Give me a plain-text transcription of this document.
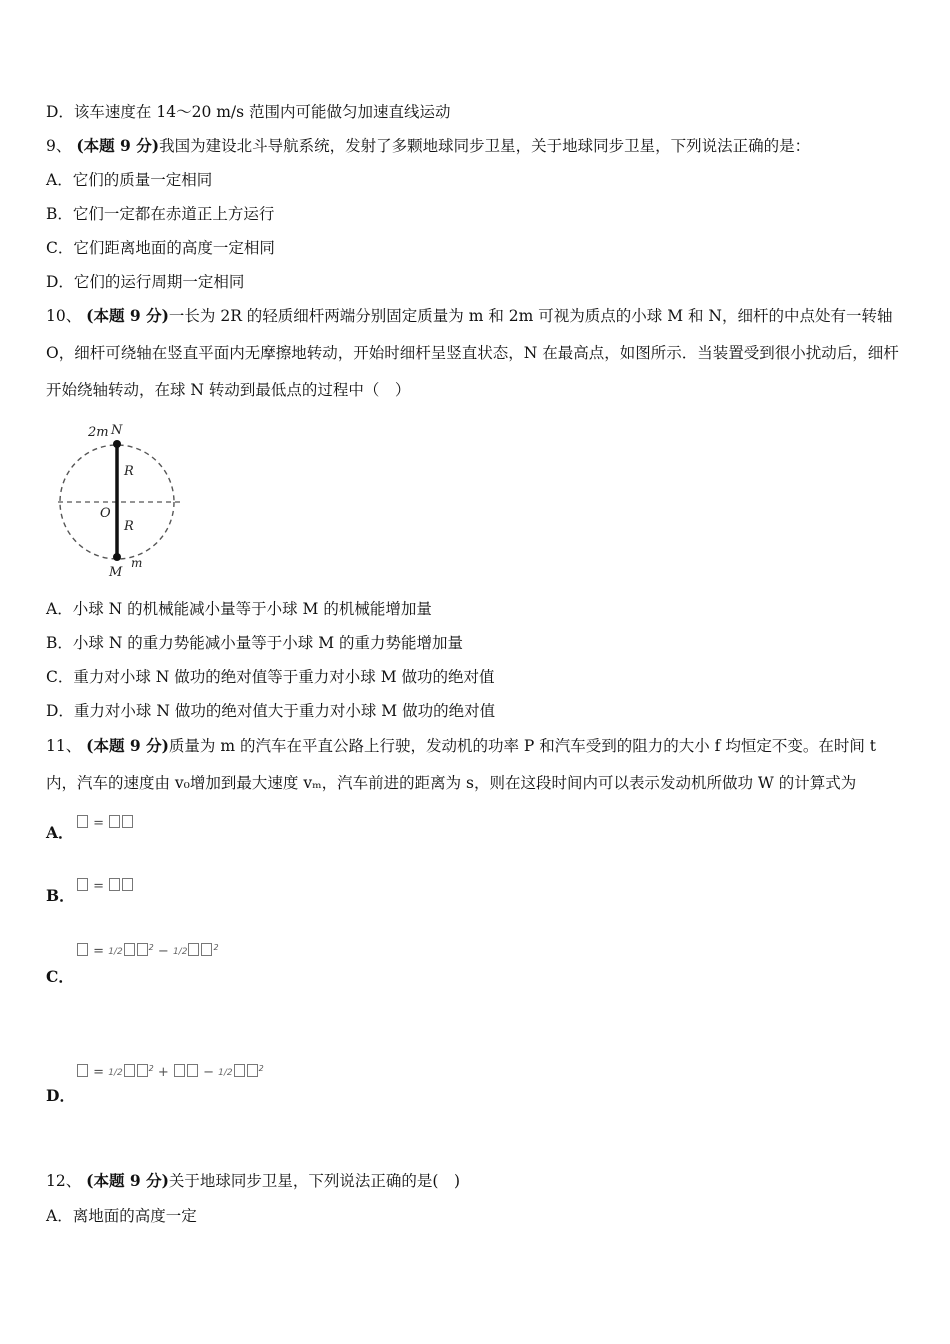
D．该车速度在 14～20 m/s 范围内可能做匀加速直线运动
9、 (本题 9 分)我国为建设北斗导航系统，发射了多颗地球同步卫星，关于地球同步卫星，下列说法正确的是：
A．它们的质量一定相同
B．它们一定都在赤道正上方运行
C．它们距离地面的高度一定相同
D．它们的运行周期一定相同
10、 (本题 9 分)一长为 2R 的轻质细杆两端分别固定质量为 m 和 2m 可视为质点的小球 M 和 N，细杆的中点处有一转轴 O，细杆可绕轴在竖直平面内无摩擦地转动，开始时细杆呈竖直状态，N 在最高点，如图所示．当装置受到很小扰动后，细杆开始绕轴转动，在球 N 转动到最低点的过程中（　）
2m N
R
O
R
M
m
A．小球 N 的机械能减小量等于小球 M 的机械能增加量
B．小球 N 的重力势能减小量等于小球 M 的重力势能增加量
C．重力对小球 N 做功的绝对值等于重力对小球 M 做功的绝对值
D．重力对小球 N 做功的绝对值大于重力对小球 M 做功的绝对值
11、 (本题 9 分)质量为 m 的汽车在平直公路上行驶，发动机的功率 P 和汽车受到的阻力的大小 f 均恒定不变。在时间 t 内，汽车的速度由 v₀增加到最大速度 vₘ，汽车前进的距离为 s，则在这段时间内可以表示发动机所做功 W 的计算式为
A．	=
B．	=
C．
= 1/2	$^2$ − 1/2	$^2$
D．
= 1/2	$^2$ +	− 1/2	$^2$
12、 (本题 9 分)关于地球同步卫星，下列说法正确的是(　)
A．离地面的高度一定
